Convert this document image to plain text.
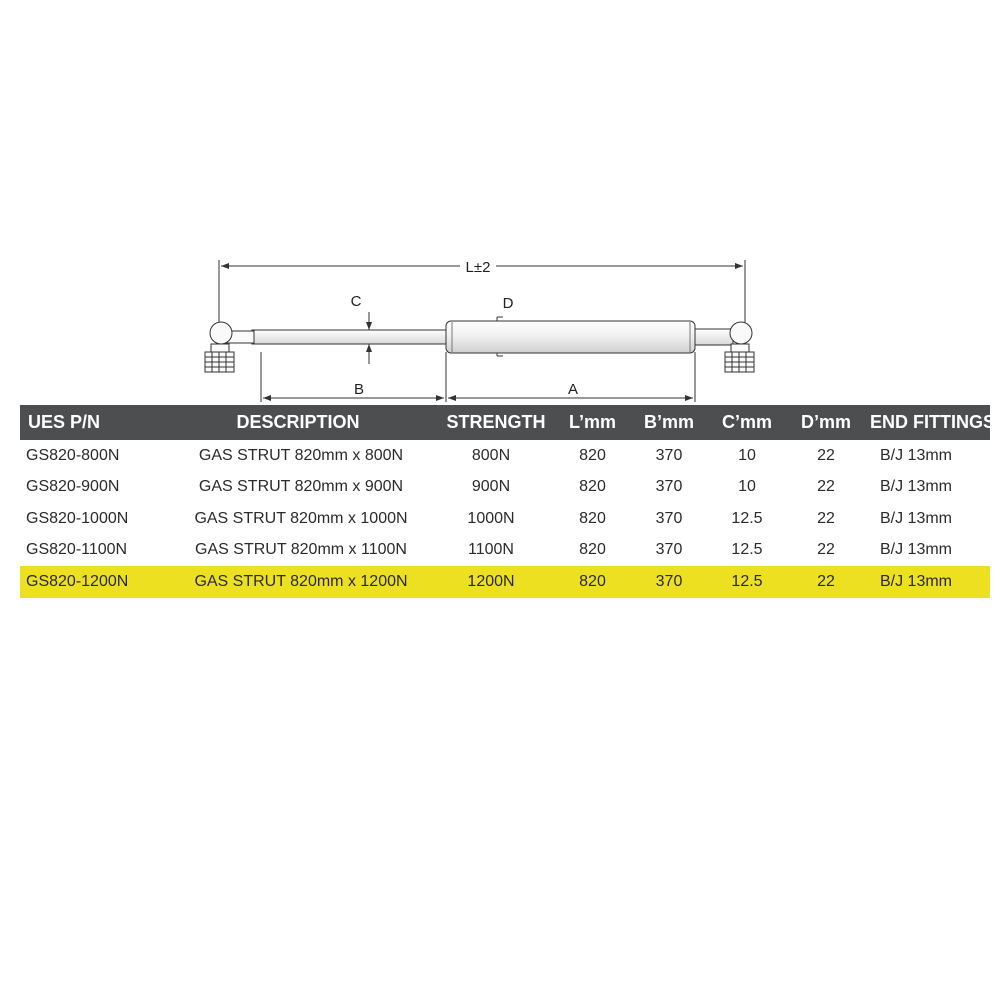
L±2
C	D
B	A
UES P/N	DESCRIPTION	STRENGTH	L’mm	B’mm	C’mm	D’mm	END FITTINGS
GS820-800N	GAS STRUT 820mm x 800N	800N	820	370	10	22	B/J 13mm
GS820-900N	GAS STRUT 820mm x 900N	900N	820	370	10	22	B/J 13mm
GS820-1000N	GAS STRUT 820mm x 1000N	1000N	820	370	12.5	22	B/J 13mm
GS820-1100N	GAS STRUT 820mm x 1100N	1100N	820	370	12.5	22	B/J 13mm
GS820-1200N	GAS STRUT 820mm x 1200N	1200N	820	370	12.5	22	B/J 13mm
